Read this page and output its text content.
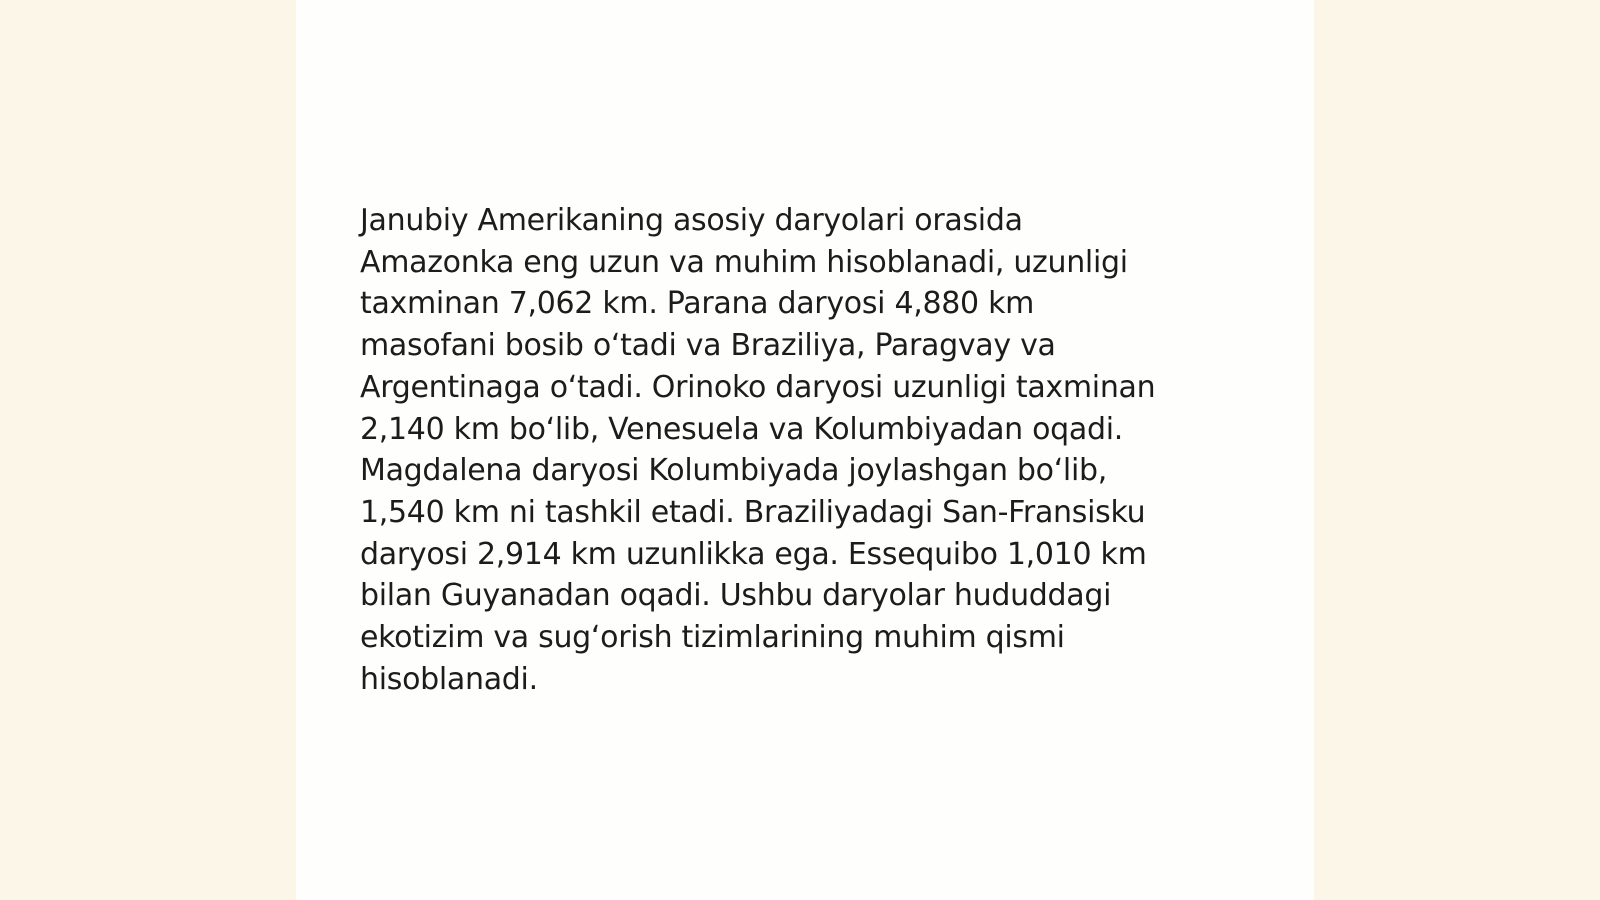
Janubiy Amerikaning asosiy daryolari orasida
Amazonka eng uzun va muhim hisoblanadi, uzunligi
taxminan 7,062 km. Parana daryosi 4,880 km
masofani bosib o‘tadi va Braziliya, Paragvay va
Argentinaga o‘tadi. Orinoko daryosi uzunligi taxminan
2,140 km bo‘lib, Venesuela va Kolumbiyadan oqadi.
Magdalena daryosi Kolumbiyada joylashgan bo‘lib,
1,540 km ni tashkil etadi. Braziliyadagi San-Fransisku
daryosi 2,914 km uzunlikka ega. Essequibo 1,010 km
bilan Guyanadan oqadi. Ushbu daryolar hududdagi
ekotizim va sug‘orish tizimlarining muhim qismi
hisoblanadi.
